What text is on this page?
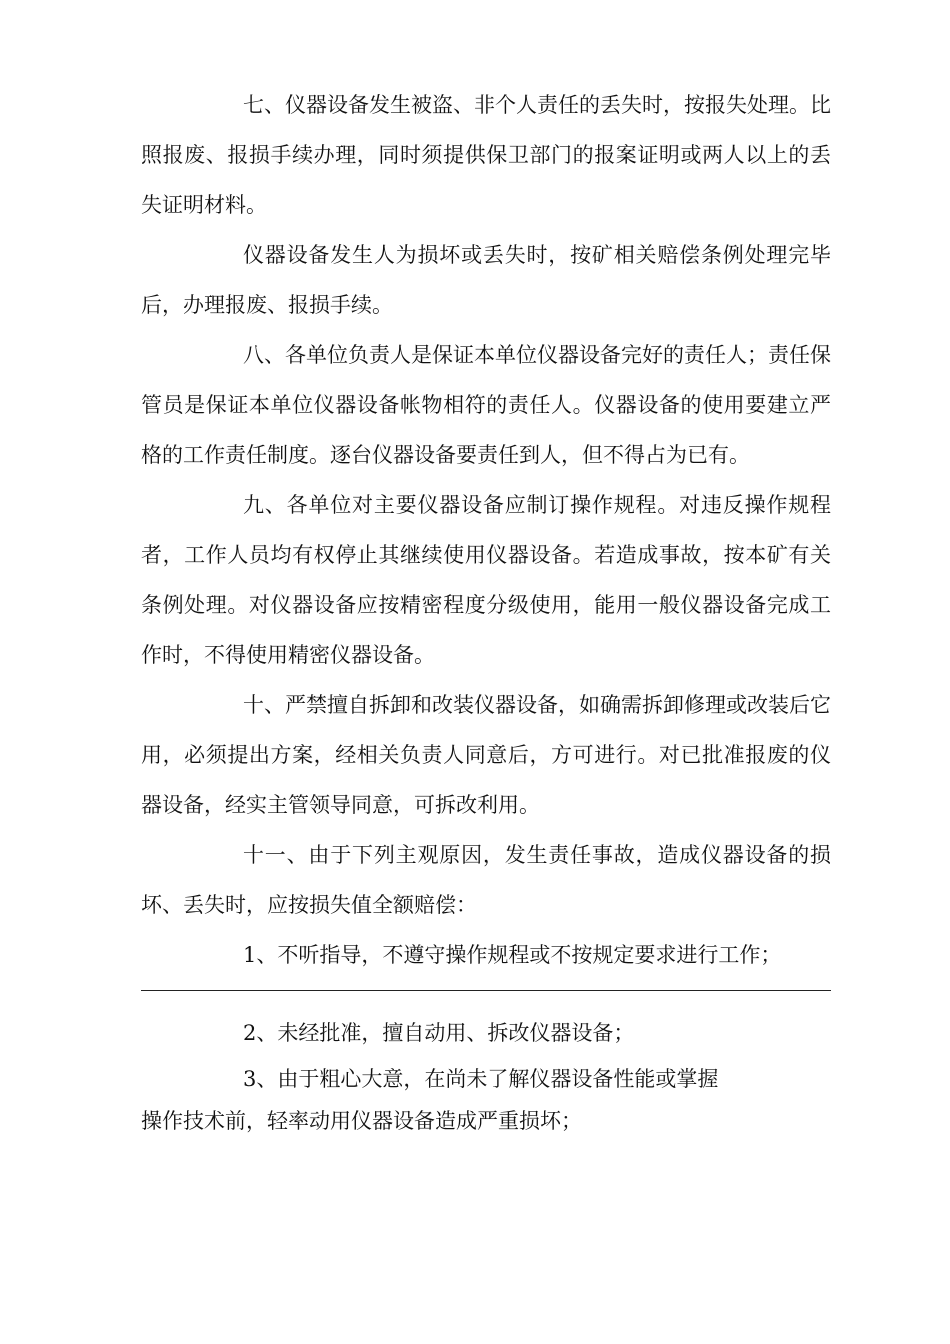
七、仪器设备发生被盗、非个人责任的丢失时，按报失处理。比照报废、报损手续办理，同时须提供保卫部门的报案证明或两人以上的丢失证明材料。

仪器设备发生人为损坏或丢失时，按矿相关赔偿条例处理完毕后，办理报废、报损手续。

八、各单位负责人是保证本单位仪器设备完好的责任人；责任保管员是保证本单位仪器设备帐物相符的责任人。仪器设备的使用要建立严格的工作责任制度。逐台仪器设备要责任到人，但不得占为已有。

九、各单位对主要仪器设备应制订操作规程。对违反操作规程者，工作人员均有权停止其继续使用仪器设备。若造成事故，按本矿有关条例处理。对仪器设备应按精密程度分级使用，能用一般仪器设备完成工作时，不得使用精密仪器设备。

十、严禁擅自拆卸和改装仪器设备，如确需拆卸修理或改装后它用，必须提出方案，经相关负责人同意后，方可进行。对已批准报废的仪器设备，经实主管领导同意，可拆改利用。

十一、由于下列主观原因，发生责任事故，造成仪器设备的损坏、丢失时，应按损失值全额赔偿：

1、不听指导，不遵守操作规程或不按规定要求进行工作；

2、未经批准，擅自动用、拆改仪器设备；

3、由于粗心大意，在尚未了解仪器设备性能或掌握
操作技术前，轻率动用仪器设备造成严重损坏；
